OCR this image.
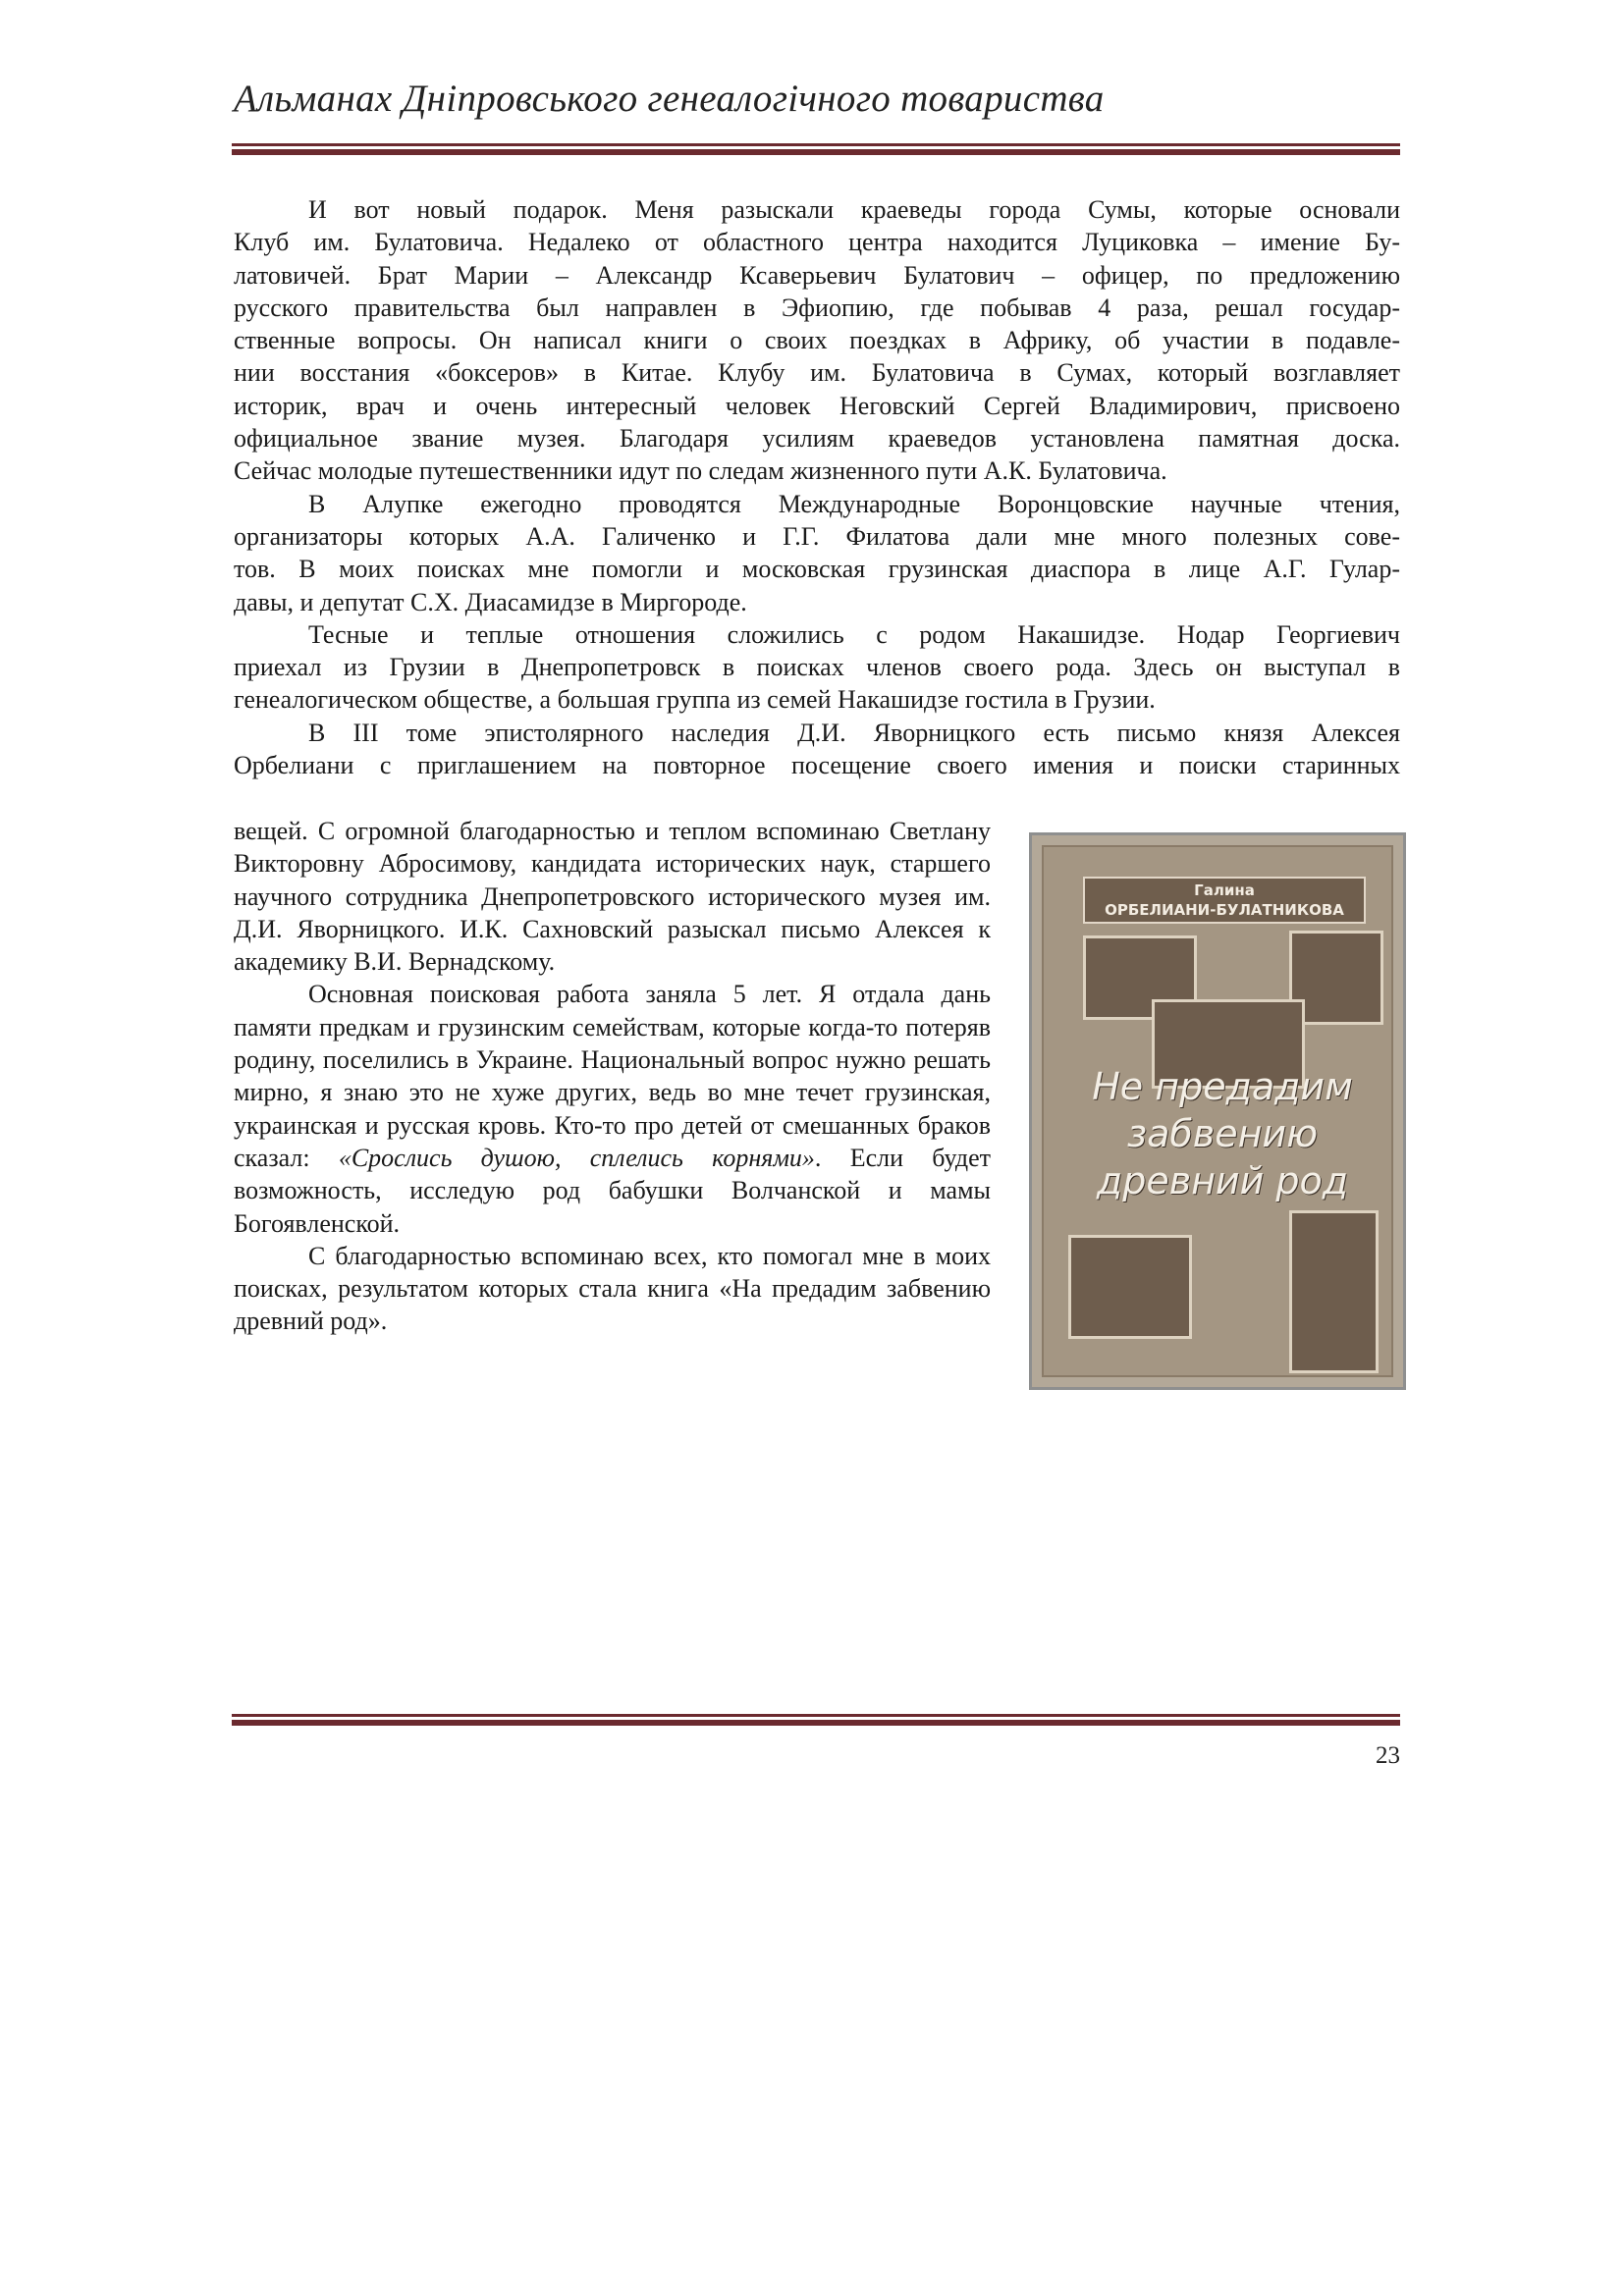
Альманах Дніпровського генеалогічного товариства
И вот новый подарок. Меня разыскали краеведы города Сумы, которые основали
Клуб им. Булатовича. Недалеко от областного центра находится Луциковка – имение Бу-
латовичей. Брат Марии – Александр Ксаверьевич Булатович – офицер, по предложению
русского правительства был направлен в Эфиопию, где побывав 4 раза, решал государ-
ственные вопросы. Он написал книги о своих поездках в Африку, об участии в подавле-
нии восстания «боксеров» в Китае. Клубу им. Булатовича в Сумах, который возглавляет
историк, врач и очень интересный человек Неговский Сергей Владимирович, присвоено
официальное звание музея. Благодаря усилиям краеведов установлена памятная доска.
Сейчас молодые путешественники идут по следам жизненного пути А.К. Булатовича.
В Алупке ежегодно проводятся Международные Воронцовские научные чтения,
организаторы которых А.А. Галиченко и Г.Г. Филатова дали мне много полезных сове-
тов. В моих поисках мне помогли и московская грузинская диаспора в лице А.Г. Гулар-
давы, и депутат С.Х. Диасамидзе в Миргороде.
Тесные и теплые отношения сложились с родом Накашидзе. Нодар Георгиевич
приехал из Грузии в Днепропетровск в поисках членов своего рода. Здесь он выступал в
генеалогическом обществе, а большая группа из семей Накашидзе гостила в Грузии.
В III томе эпистолярного наследия Д.И. Яворницкого есть письмо князя Алексея
Орбелиани с приглашением на повторное посещение своего имения и поиски старинных

вещей. С огромной благодарностью и теплом вспоминаю Светлану Викторовну Абросимову, кандидата исторических наук, старшего научного сотрудника Днепропетровского исторического музея им. Д.И. Яворницкого. И.К. Сахновский разыскал письмо Алексея к академику В.И. Вернадскому.

Основная поисковая работа заняла 5 лет. Я отдала дань памяти предкам и грузинским семействам, которые когда-то потеряв родину, поселились в Украине. Национальный вопрос нужно решать мирно, я знаю это не хуже других, ведь во мне течет грузинская, украинская и русская кровь. Кто-то про детей от смешанных браков сказал: «Срослись душою, сплелись корнями». Если будет возможность, исследую род бабушки Волчанской и мамы Богоявленской.

С благодарностью вспоминаю всех, кто помогал мне в моих поисках, результатом которых стала книга «На предадим забвению древний род».

Галина
ОРБЕЛИАНИ-БУЛАТНИКОВА
Не предадим
забвению
древний род
23
